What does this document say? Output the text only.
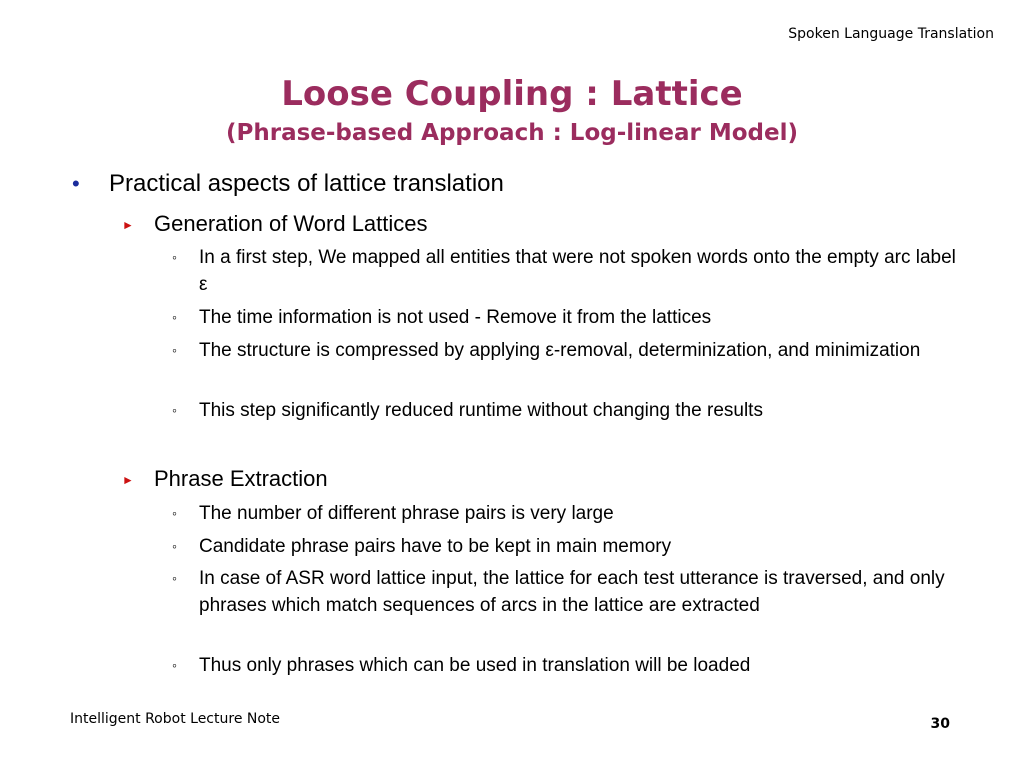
Spoken Language Translation
Loose Coupling : Lattice
(Phrase-based Approach : Log-linear Model)
• Practical aspects of lattice translation
► Generation of Word Lattices
◦ In a first step, We mapped all entities that were not spoken words onto the empty arc label ε
◦ The time information is not used - Remove it from the lattices
◦ The structure is compressed by applying ε-removal, determinization, and minimization
◦ This step significantly reduced runtime without changing the results
► Phrase Extraction
◦ The number of different phrase pairs is very large
◦ Candidate phrase pairs have to be kept in main memory
◦ In case of ASR word lattice input, the lattice for each test utterance is traversed, and only phrases which match sequences of arcs in the lattice are extracted
◦ Thus only phrases which can be used in translation will be loaded
Intelligent Robot Lecture Note	30
